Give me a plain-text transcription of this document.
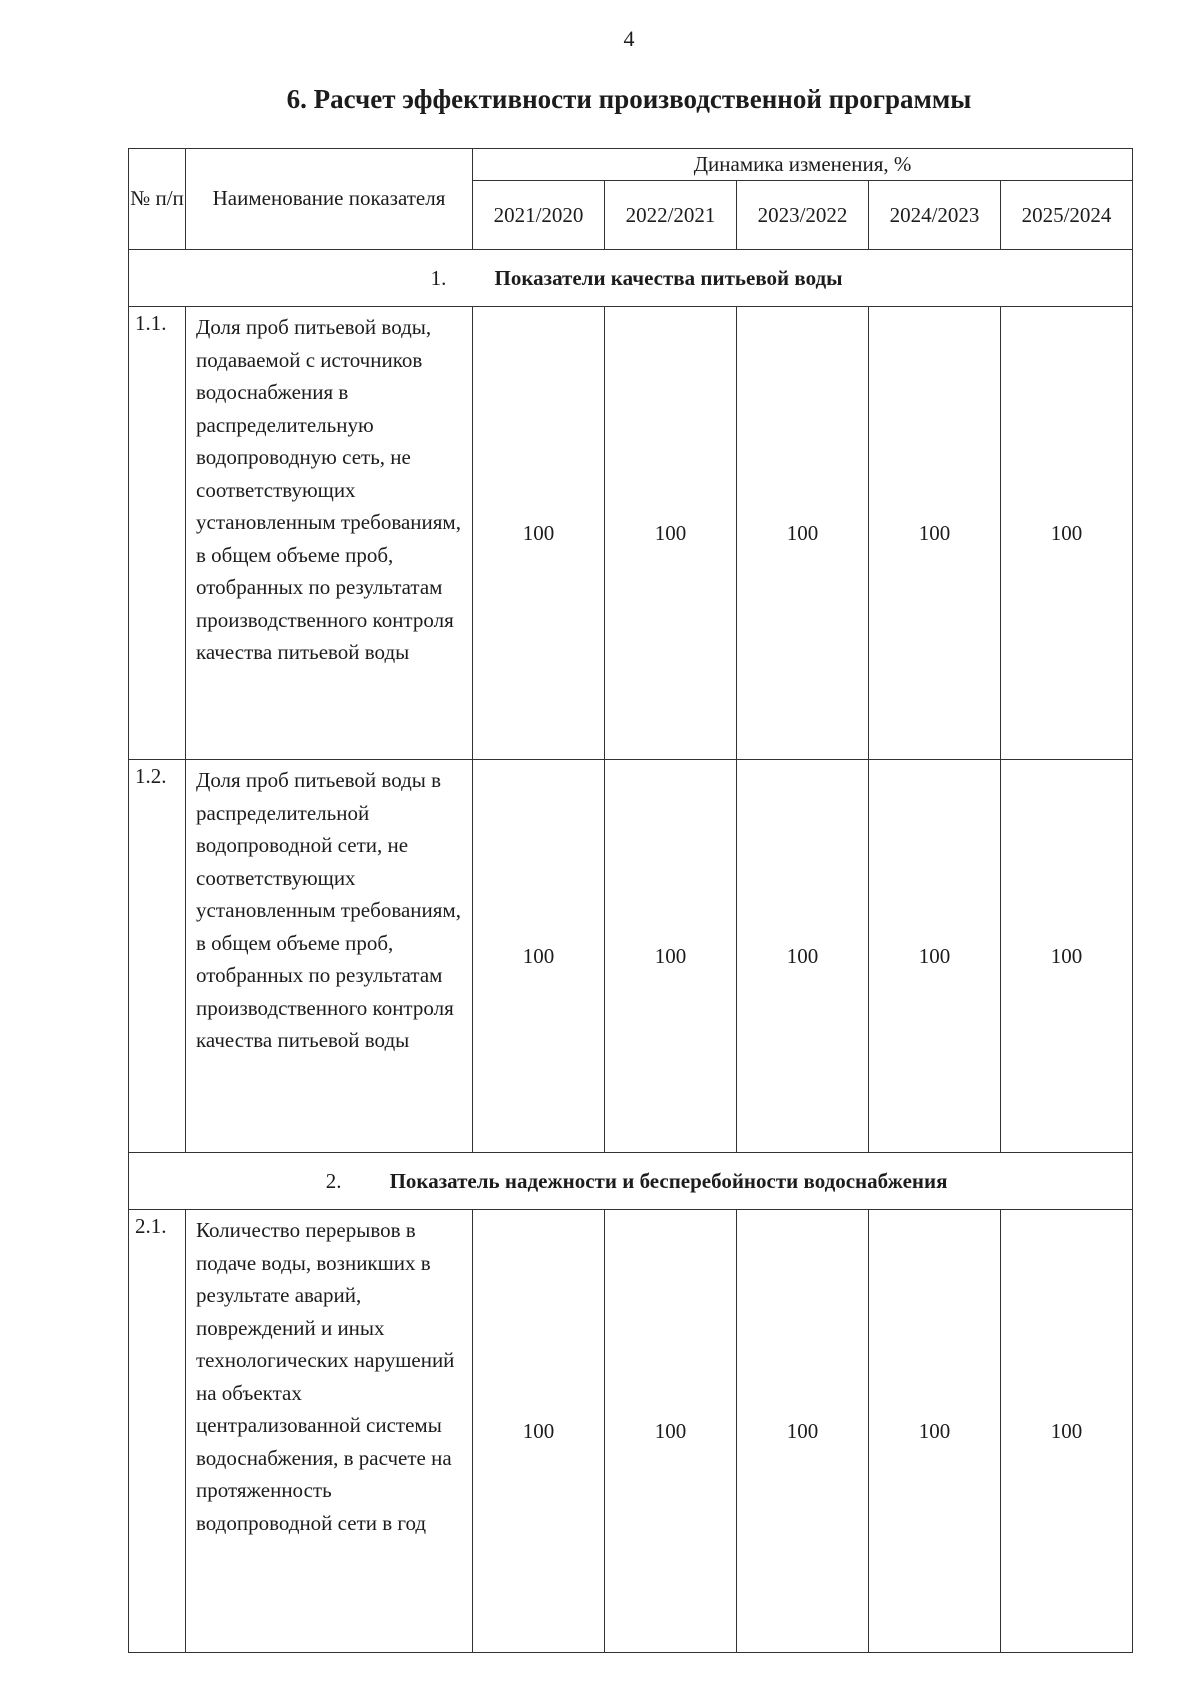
4
6. Расчет эффективности производственной программы
№ п/п	Наименование показателя	Динамика изменения, %				
		2021/2020	2022/2021	2023/2022	2024/2023	2025/2024
1. Показатели качества питьевой воды						
1.1.	Доля проб питьевой воды, подаваемой с источников водоснабжения в распределительную водопроводную сеть, не соответствующих установленным требованиям, в общем объеме проб, отобранных по результатам производственного контроля качества питьевой воды	100	100	100	100	100
1.2.	Доля проб питьевой воды в распределительной водопроводной сети, не соответствующих установленным требованиям, в общем объеме проб, отобранных по результатам производственного контроля качества питьевой воды	100	100	100	100	100
2. Показатель надежности и бесперебойности водоснабжения						
2.1.	Количество перерывов в подаче воды, возникших в результате аварий, повреждений и иных технологических нарушений на объектах централизованной системы водоснабжения, в расчете на протяженность водопроводной сети в год	100	100	100	100	100
